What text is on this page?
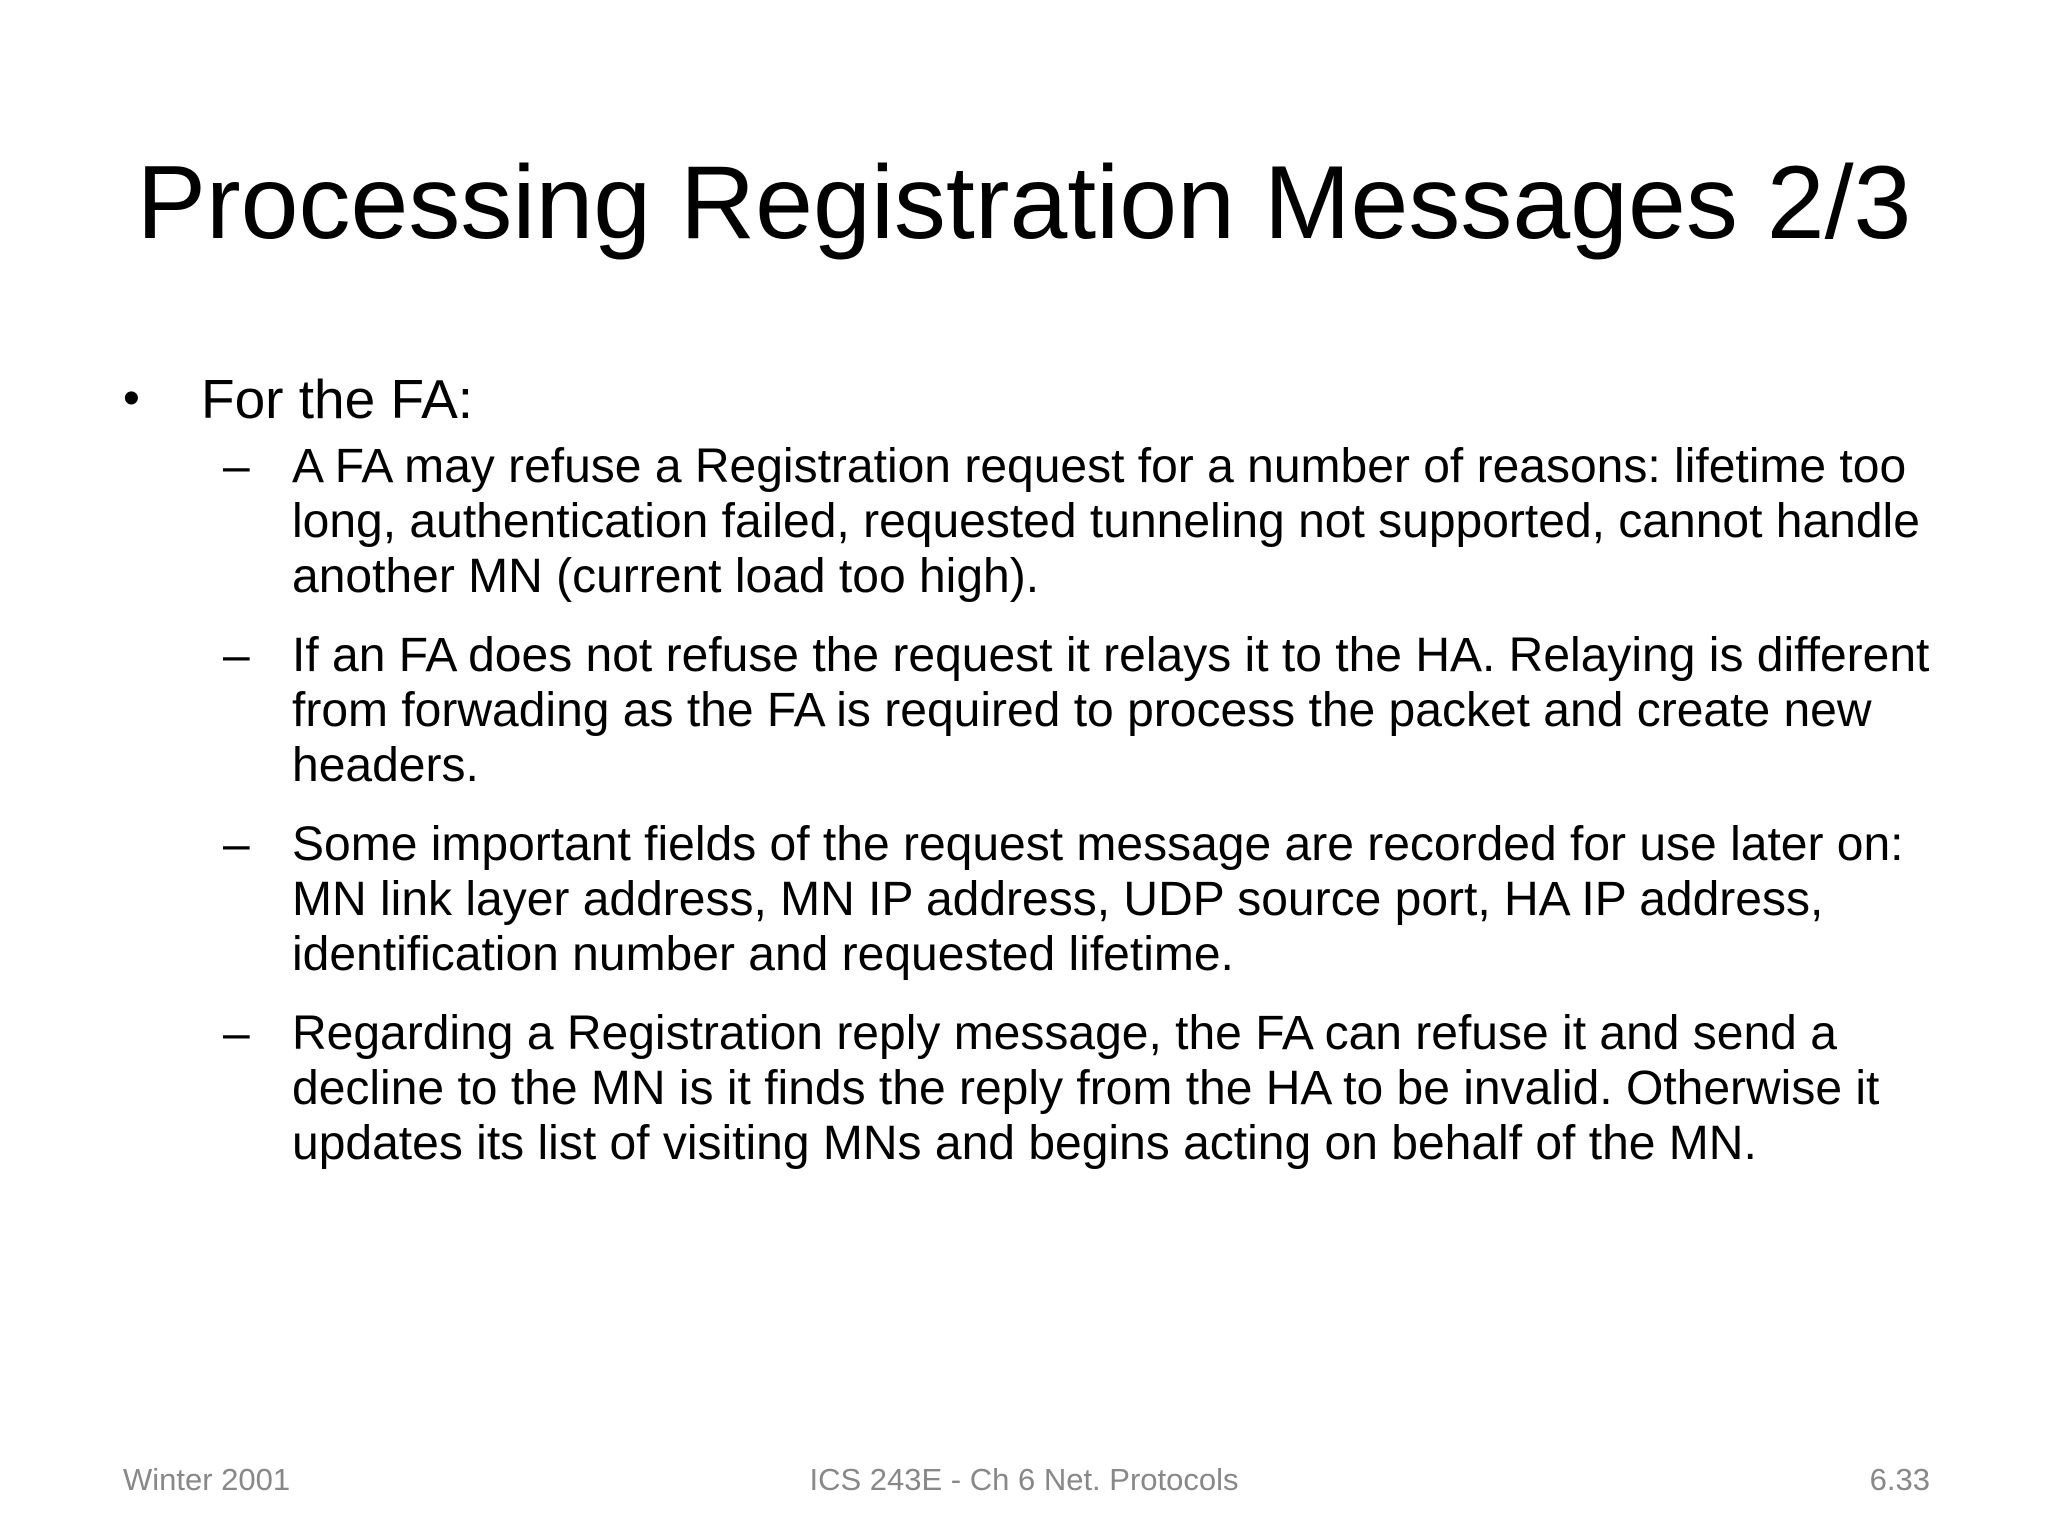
Processing Registration Messages 2/3
•	For the FA:
– A FA may refuse a Registration request for a number of reasons: lifetime too long, authentication failed, requested tunneling not supported, cannot handle another MN (current load too high).
– If an FA does not refuse the request it relays it to the HA. Relaying is different from forwading as the FA is required to process the packet and create new headers.
– Some important fields of the request message are recorded for use later on: MN link layer address, MN IP address, UDP source port, HA IP address, identification number and requested lifetime.
– Regarding a Registration reply message, the FA can refuse it and send a decline to the MN is it finds the reply from the HA to be invalid. Otherwise it updates its list of visiting MNs and begins acting on behalf of the MN.
Winter 2001	ICS 243E - Ch 6 Net. Protocols	6.33
